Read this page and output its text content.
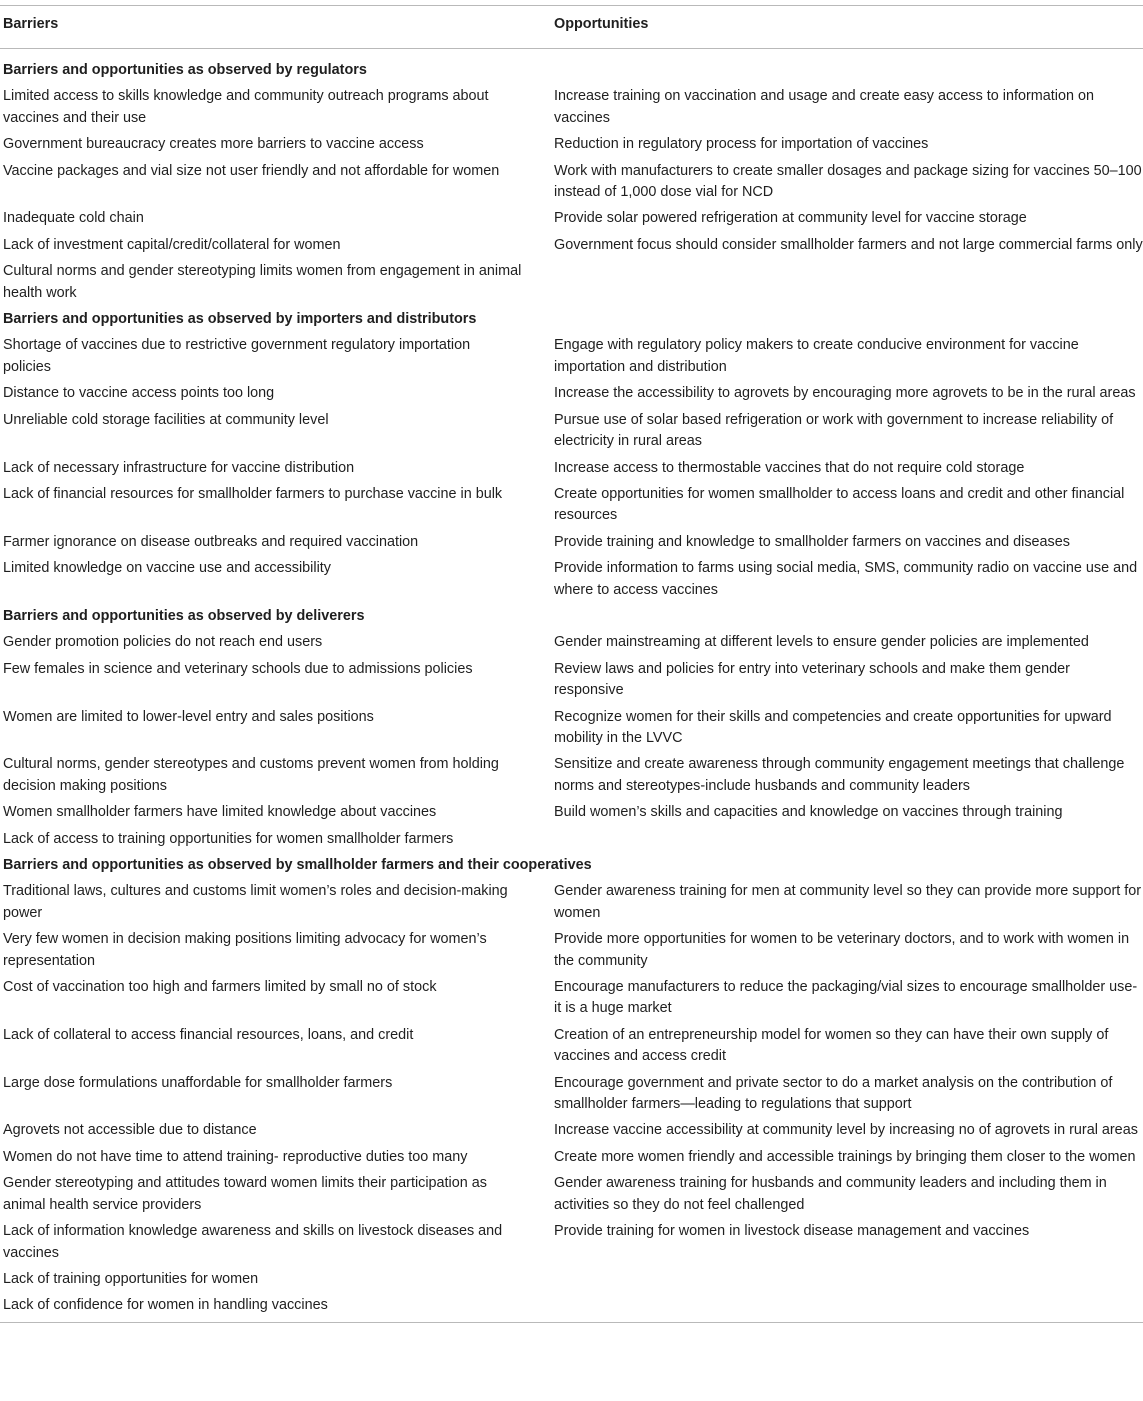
Barriers	Opportunities
Barriers and opportunities as observed by regulators	
Limited access to skills knowledge and community outreach programs about vaccines and their use	Increase training on vaccination and usage and create easy access to information on vaccines
Government bureaucracy creates more barriers to vaccine access	Reduction in regulatory process for importation of vaccines
Vaccine packages and vial size not user friendly and not affordable for women	Work with manufacturers to create smaller dosages and package sizing for vaccines 50–100 instead of 1,000 dose vial for NCD
Inadequate cold chain	Provide solar powered refrigeration at community level for vaccine storage
Lack of investment capital/credit/collateral for women	Government focus should consider smallholder farmers and not large commercial farms only
Cultural norms and gender stereotyping limits women from engagement in animal health work	
Barriers and opportunities as observed by importers and distributors	
Shortage of vaccines due to restrictive government regulatory importation policies	Engage with regulatory policy makers to create conducive environment for vaccine importation and distribution
Distance to vaccine access points too long	Increase the accessibility to agrovets by encouraging more agrovets to be in the rural areas
Unreliable cold storage facilities at community level	Pursue use of solar based refrigeration or work with government to increase reliability of electricity in rural areas
Lack of necessary infrastructure for vaccine distribution	Increase access to thermostable vaccines that do not require cold storage
Lack of financial resources for smallholder farmers to purchase vaccine in bulk	Create opportunities for women smallholder to access loans and credit and other financial resources
Farmer ignorance on disease outbreaks and required vaccination	Provide training and knowledge to smallholder farmers on vaccines and diseases
Limited knowledge on vaccine use and accessibility	Provide information to farms using social media, SMS, community radio on vaccine use and where to access vaccines
Barriers and opportunities as observed by deliverers	
Gender promotion policies do not reach end users	Gender mainstreaming at different levels to ensure gender policies are implemented
Few females in science and veterinary schools due to admissions policies	Review laws and policies for entry into veterinary schools and make them gender responsive
Women are limited to lower-level entry and sales positions	Recognize women for their skills and competencies and create opportunities for upward mobility in the LVVC
Cultural norms, gender stereotypes and customs prevent women from holding decision making positions	Sensitize and create awareness through community engagement meetings that challenge norms and stereotypes-include husbands and community leaders
Women smallholder farmers have limited knowledge about vaccines	Build women’s skills and capacities and knowledge on vaccines through training
Lack of access to training opportunities for women smallholder farmers	
Barriers and opportunities as observed by smallholder farmers and their cooperatives	
Traditional laws, cultures and customs limit women’s roles and decision-making power	Gender awareness training for men at community level so they can provide more support for women
Very few women in decision making positions limiting advocacy for women’s representation	Provide more opportunities for women to be veterinary doctors, and to work with women in the community
Cost of vaccination too high and farmers limited by small no of stock	Encourage manufacturers to reduce the packaging/vial sizes to encourage smallholder use- it is a huge market
Lack of collateral to access financial resources, loans, and credit	Creation of an entrepreneurship model for women so they can have their own supply of vaccines and access credit
Large dose formulations unaffordable for smallholder farmers	Encourage government and private sector to do a market analysis on the contribution of smallholder farmers—leading to regulations that support
Agrovets not accessible due to distance	Increase vaccine accessibility at community level by increasing no of agrovets in rural areas
Women do not have time to attend training- reproductive duties too many	Create more women friendly and accessible trainings by bringing them closer to the women
Gender stereotyping and attitudes toward women limits their participation as animal health service providers	Gender awareness training for husbands and community leaders and including them in activities so they do not feel challenged
Lack of information knowledge awareness and skills on livestock diseases and vaccines	Provide training for women in livestock disease management and vaccines
Lack of training opportunities for women	
Lack of confidence for women in handling vaccines	
